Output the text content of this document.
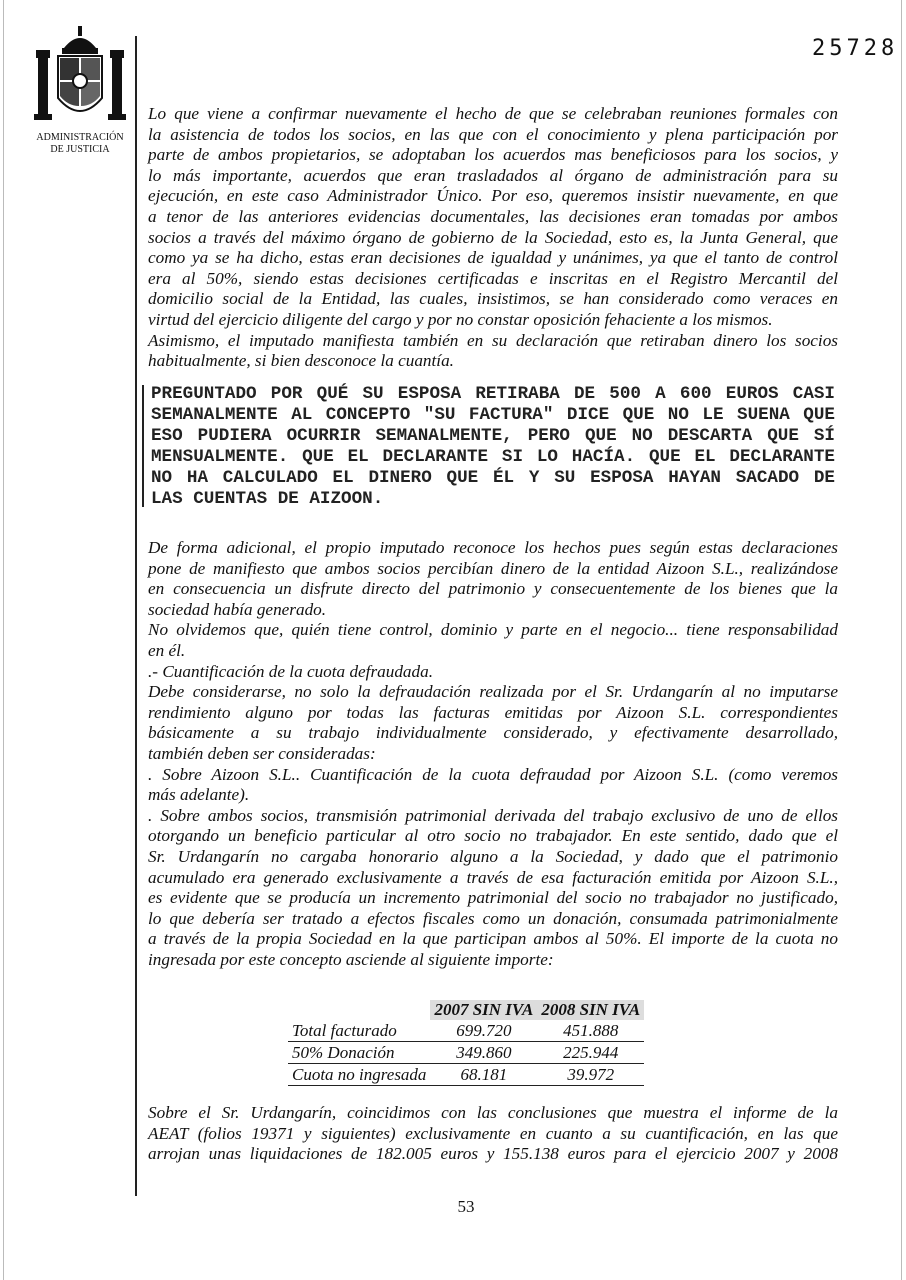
25728
ADMINISTRACIÓN
DE JUSTICIA
Lo que viene a confirmar nuevamente el hecho de que se celebraban reuniones formales con
la asistencia de todos los socios, en las que con el conocimiento y plena participación por
parte de ambos propietarios, se adoptaban los acuerdos mas beneficiosos para los socios, y
lo más importante, acuerdos que eran trasladados al órgano de administración para su
ejecución, en este caso Administrador Único. Por eso, queremos insistir nuevamente, en que
a tenor de las anteriores evidencias documentales, las decisiones eran tomadas por ambos
socios a través del máximo órgano de gobierno de la Sociedad, esto es, la Junta General, que
como ya se ha dicho, estas eran decisiones de igualdad y unánimes, ya que el tanto de control
era al 50%, siendo estas decisiones certificadas e inscritas en el Registro Mercantil del
domicilio social de la Entidad, las cuales, insistimos, se han considerado como veraces en
virtud del ejercicio diligente del cargo y por no constar oposición fehaciente a los mismos.
Asimismo, el imputado manifiesta también en su declaración que retiraban dinero los socios
habitualmente, si bien desconoce la cuantía.
PREGUNTADO POR QUÉ SU ESPOSA RETIRABA DE 500 A 600 EUROS CASI
SEMANALMENTE AL CONCEPTO "SU FACTURA" DICE QUE NO LE SUENA QUE
ESO PUDIERA OCURRIR SEMANALMENTE, PERO QUE NO DESCARTA QUE SÍ
MENSUALMENTE. QUE EL DECLARANTE SI LO HACÍA. QUE EL DECLARANTE
NO HA CALCULADO EL DINERO QUE ÉL Y SU ESPOSA HAYAN SACADO DE
LAS CUENTAS DE AIZOON.
De forma adicional, el propio imputado reconoce los hechos pues según estas declaraciones
pone de manifiesto que ambos socios percibían dinero de la entidad Aizoon S.L., realizándose
en consecuencia un disfrute directo del patrimonio y consecuentemente de los bienes que la
sociedad había generado.
No olvidemos que, quién tiene control, dominio y parte en el negocio... tiene responsabilidad
en él.
.- Cuantificación de la cuota defraudada.
Debe considerarse, no solo la defraudación realizada por el Sr. Urdangarín al no imputarse
rendimiento alguno por todas las facturas emitidas por Aizoon S.L. correspondientes
básicamente a su trabajo individualmente considerado, y efectivamente desarrollado,
también deben ser consideradas:
. Sobre Aizoon S.L.. Cuantificación de la cuota defraudad por Aizoon S.L. (como veremos
más adelante).
. Sobre ambos socios, transmisión patrimonial derivada del trabajo exclusivo de uno de ellos
otorgando un beneficio particular al otro socio no trabajador. En este sentido, dado que el
Sr. Urdangarín no cargaba honorario alguno a la Sociedad, y dado que el patrimonio
acumulado era generado exclusivamente a través de esa facturación emitida por Aizoon S.L.,
es evidente que se producía un incremento patrimonial del socio no trabajador no justificado,
lo que debería ser tratado a efectos fiscales como un donación, consumada patrimonialmente
a través de la propia Sociedad en la que participan ambos al 50%. El importe de la cuota no
ingresada por este concepto asciende al siguiente importe:
	2007 SIN IVA	2008 SIN IVA
Total facturado	699.720	451.888
50% Donación	349.860	225.944
Cuota no ingresada	68.181	39.972
Sobre el Sr. Urdangarín, coincidimos con las conclusiones que muestra el informe de la
AEAT (folios 19371 y siguientes) exclusivamente en cuanto a su cuantificación, en las que
arrojan unas liquidaciones de 182.005 euros y 155.138 euros para el ejercicio 2007 y 2008
53
